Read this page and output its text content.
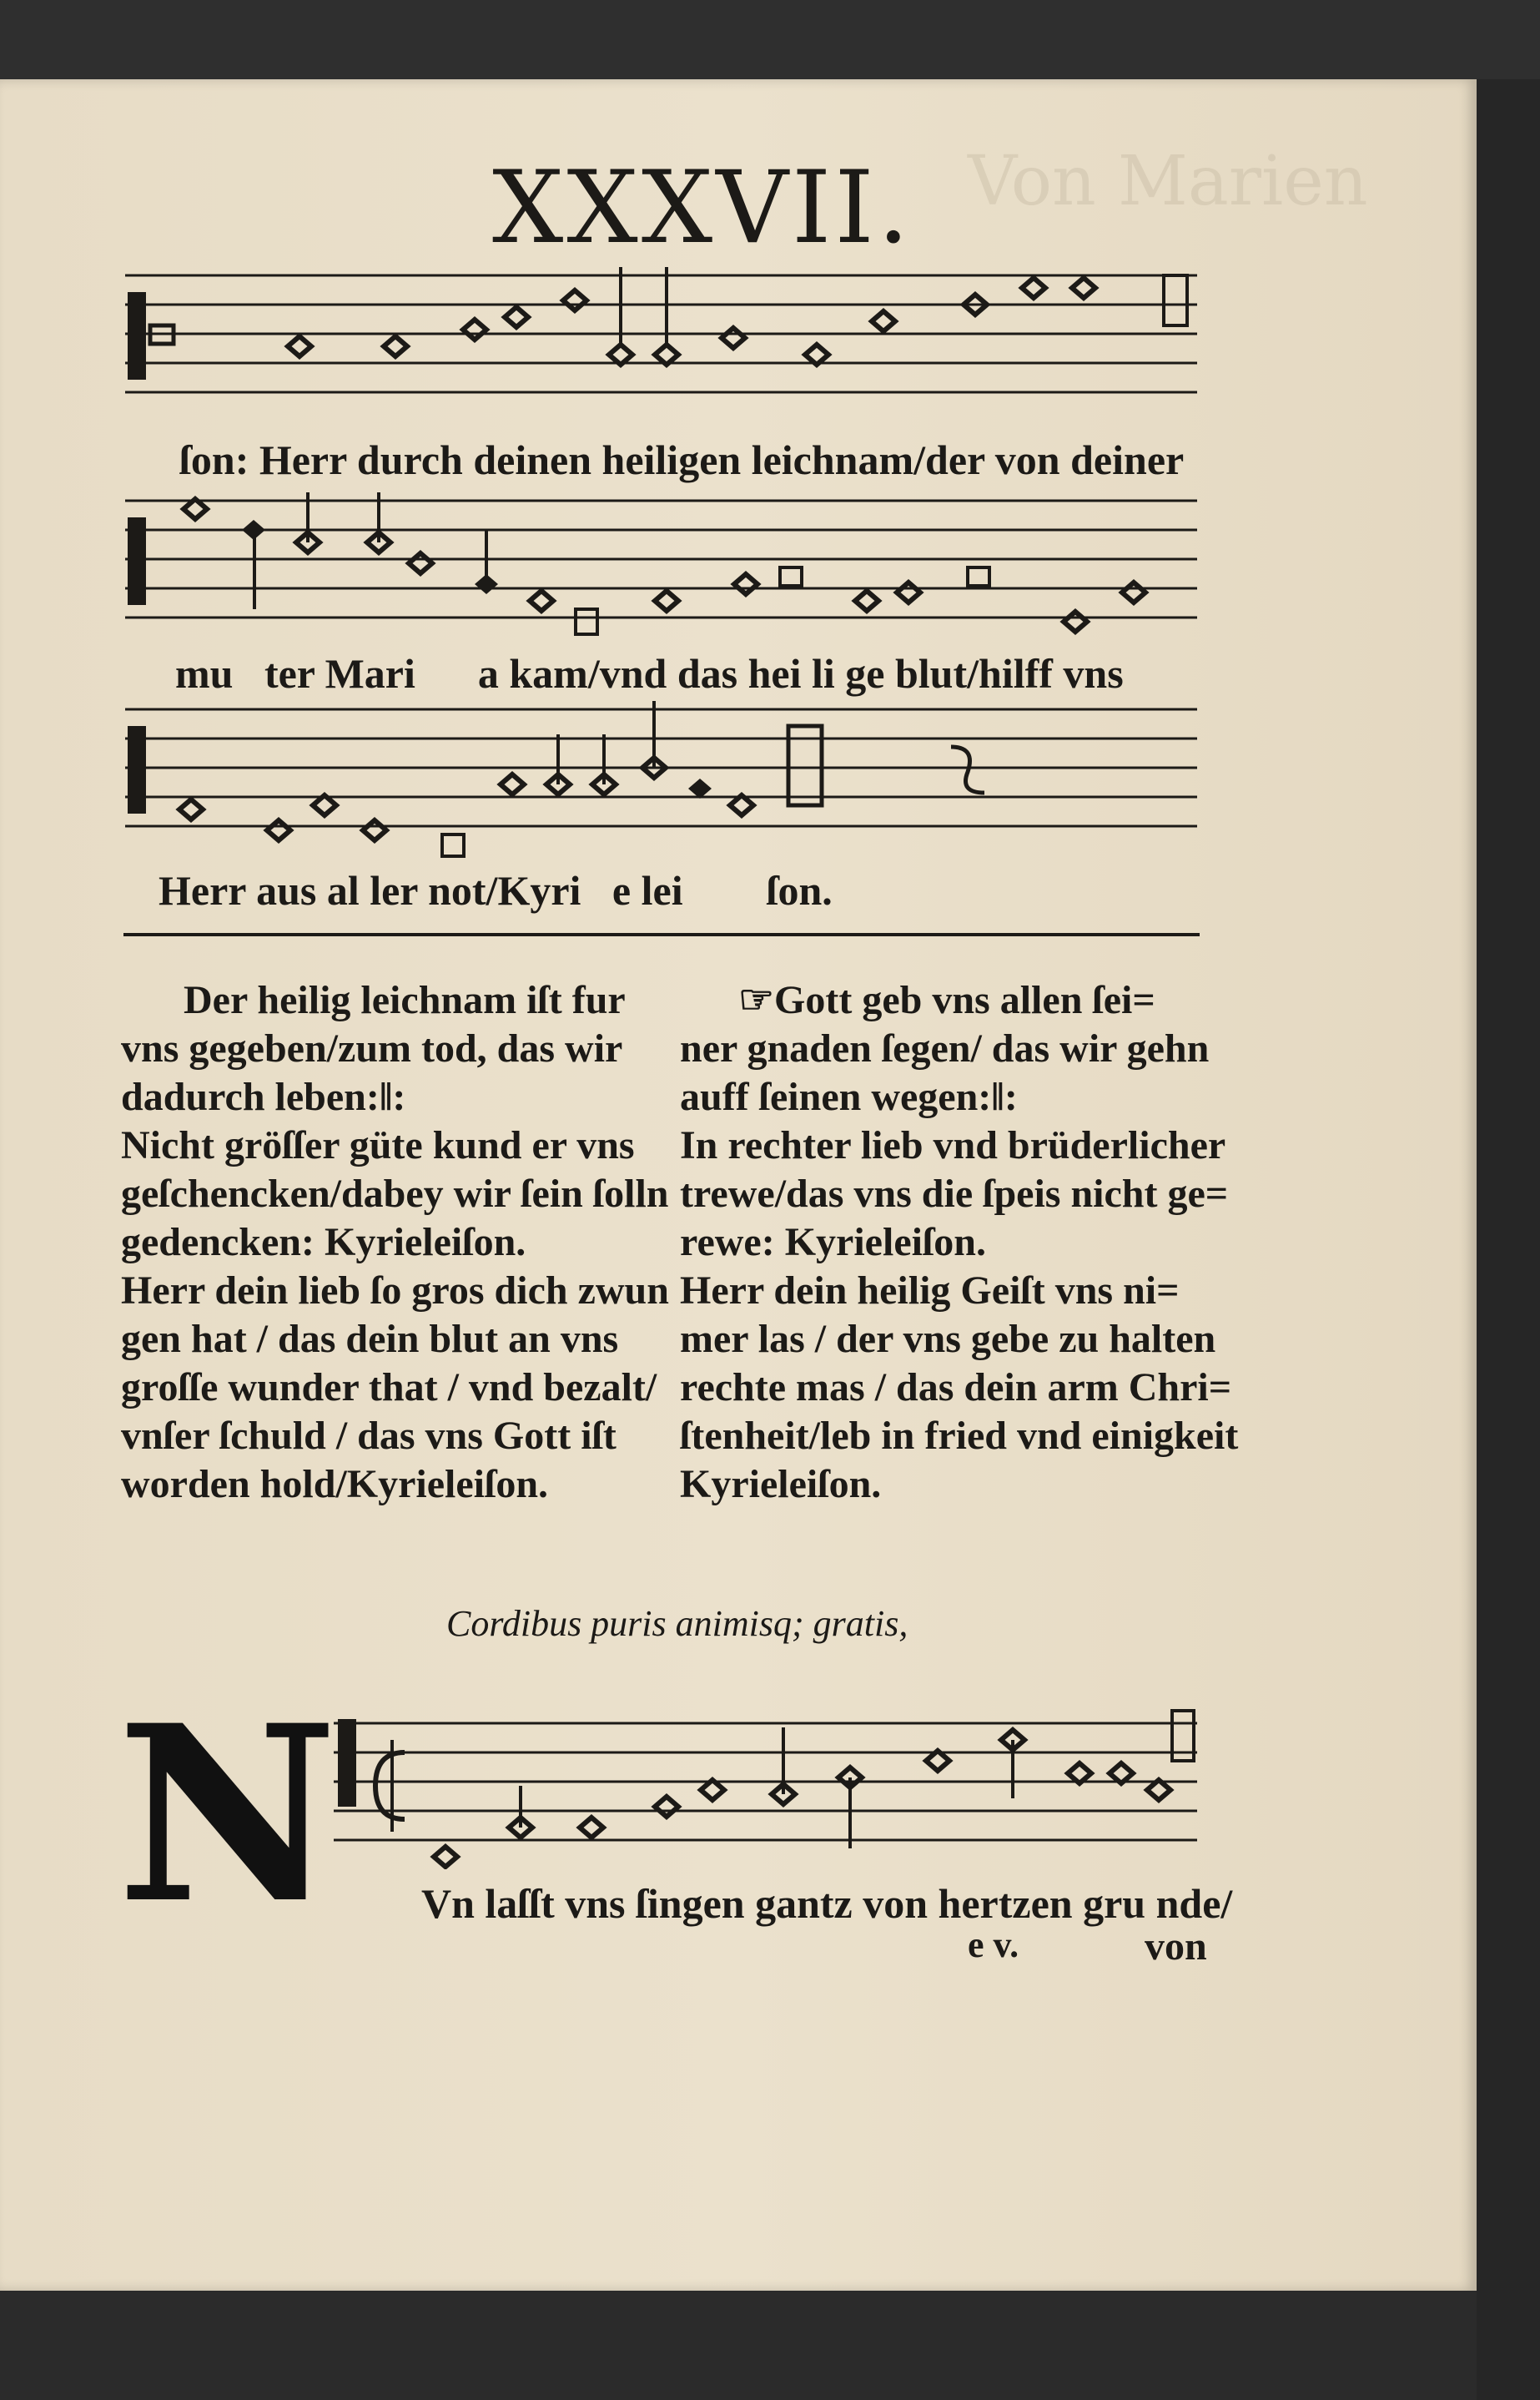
Von Marien
XXXVII.
ſon: Herr durch deinen heiligen leichnam/der von deiner
mu   ter Mari      a kam/vnd das hei li ge blut/hilff vns
Herr aus al ler not/Kyri   e lei        ſon.

Der heilig leichnam iſt fur

vns gegeben/zum tod, das wir

dadurch leben:‖:

Nicht gröſſer güte kund er vns

geſchencken/dabey wir ſein ſolln

gedencken: Kyrieleiſon.

Herr dein lieb ſo gros dich zwun

gen hat / das dein blut an vns

groſſe wunder that / vnd bezalt/

vnſer ſchuld / das vns Gott iſt

worden hold/Kyrieleiſon.

☞Gott geb vns allen ſei=

ner gnaden ſegen/ das wir gehn

auff ſeinen wegen:‖:

In rechter lieb vnd brüderlicher

trewe/das vns die ſpeis nicht ge=

rewe: Kyrieleiſon.

Herr dein heilig Geiſt vns ni=

mer las / der vns gebe zu halten

rechte mas / das dein arm Chri=

ſtenheit/leb in fried vnd einigkeit

Kyrieleiſon.

Cordibus puris animisq; gratis,
N Vn laſſt vns ſingen gantz von hertzen gru nde/
e v.	von
